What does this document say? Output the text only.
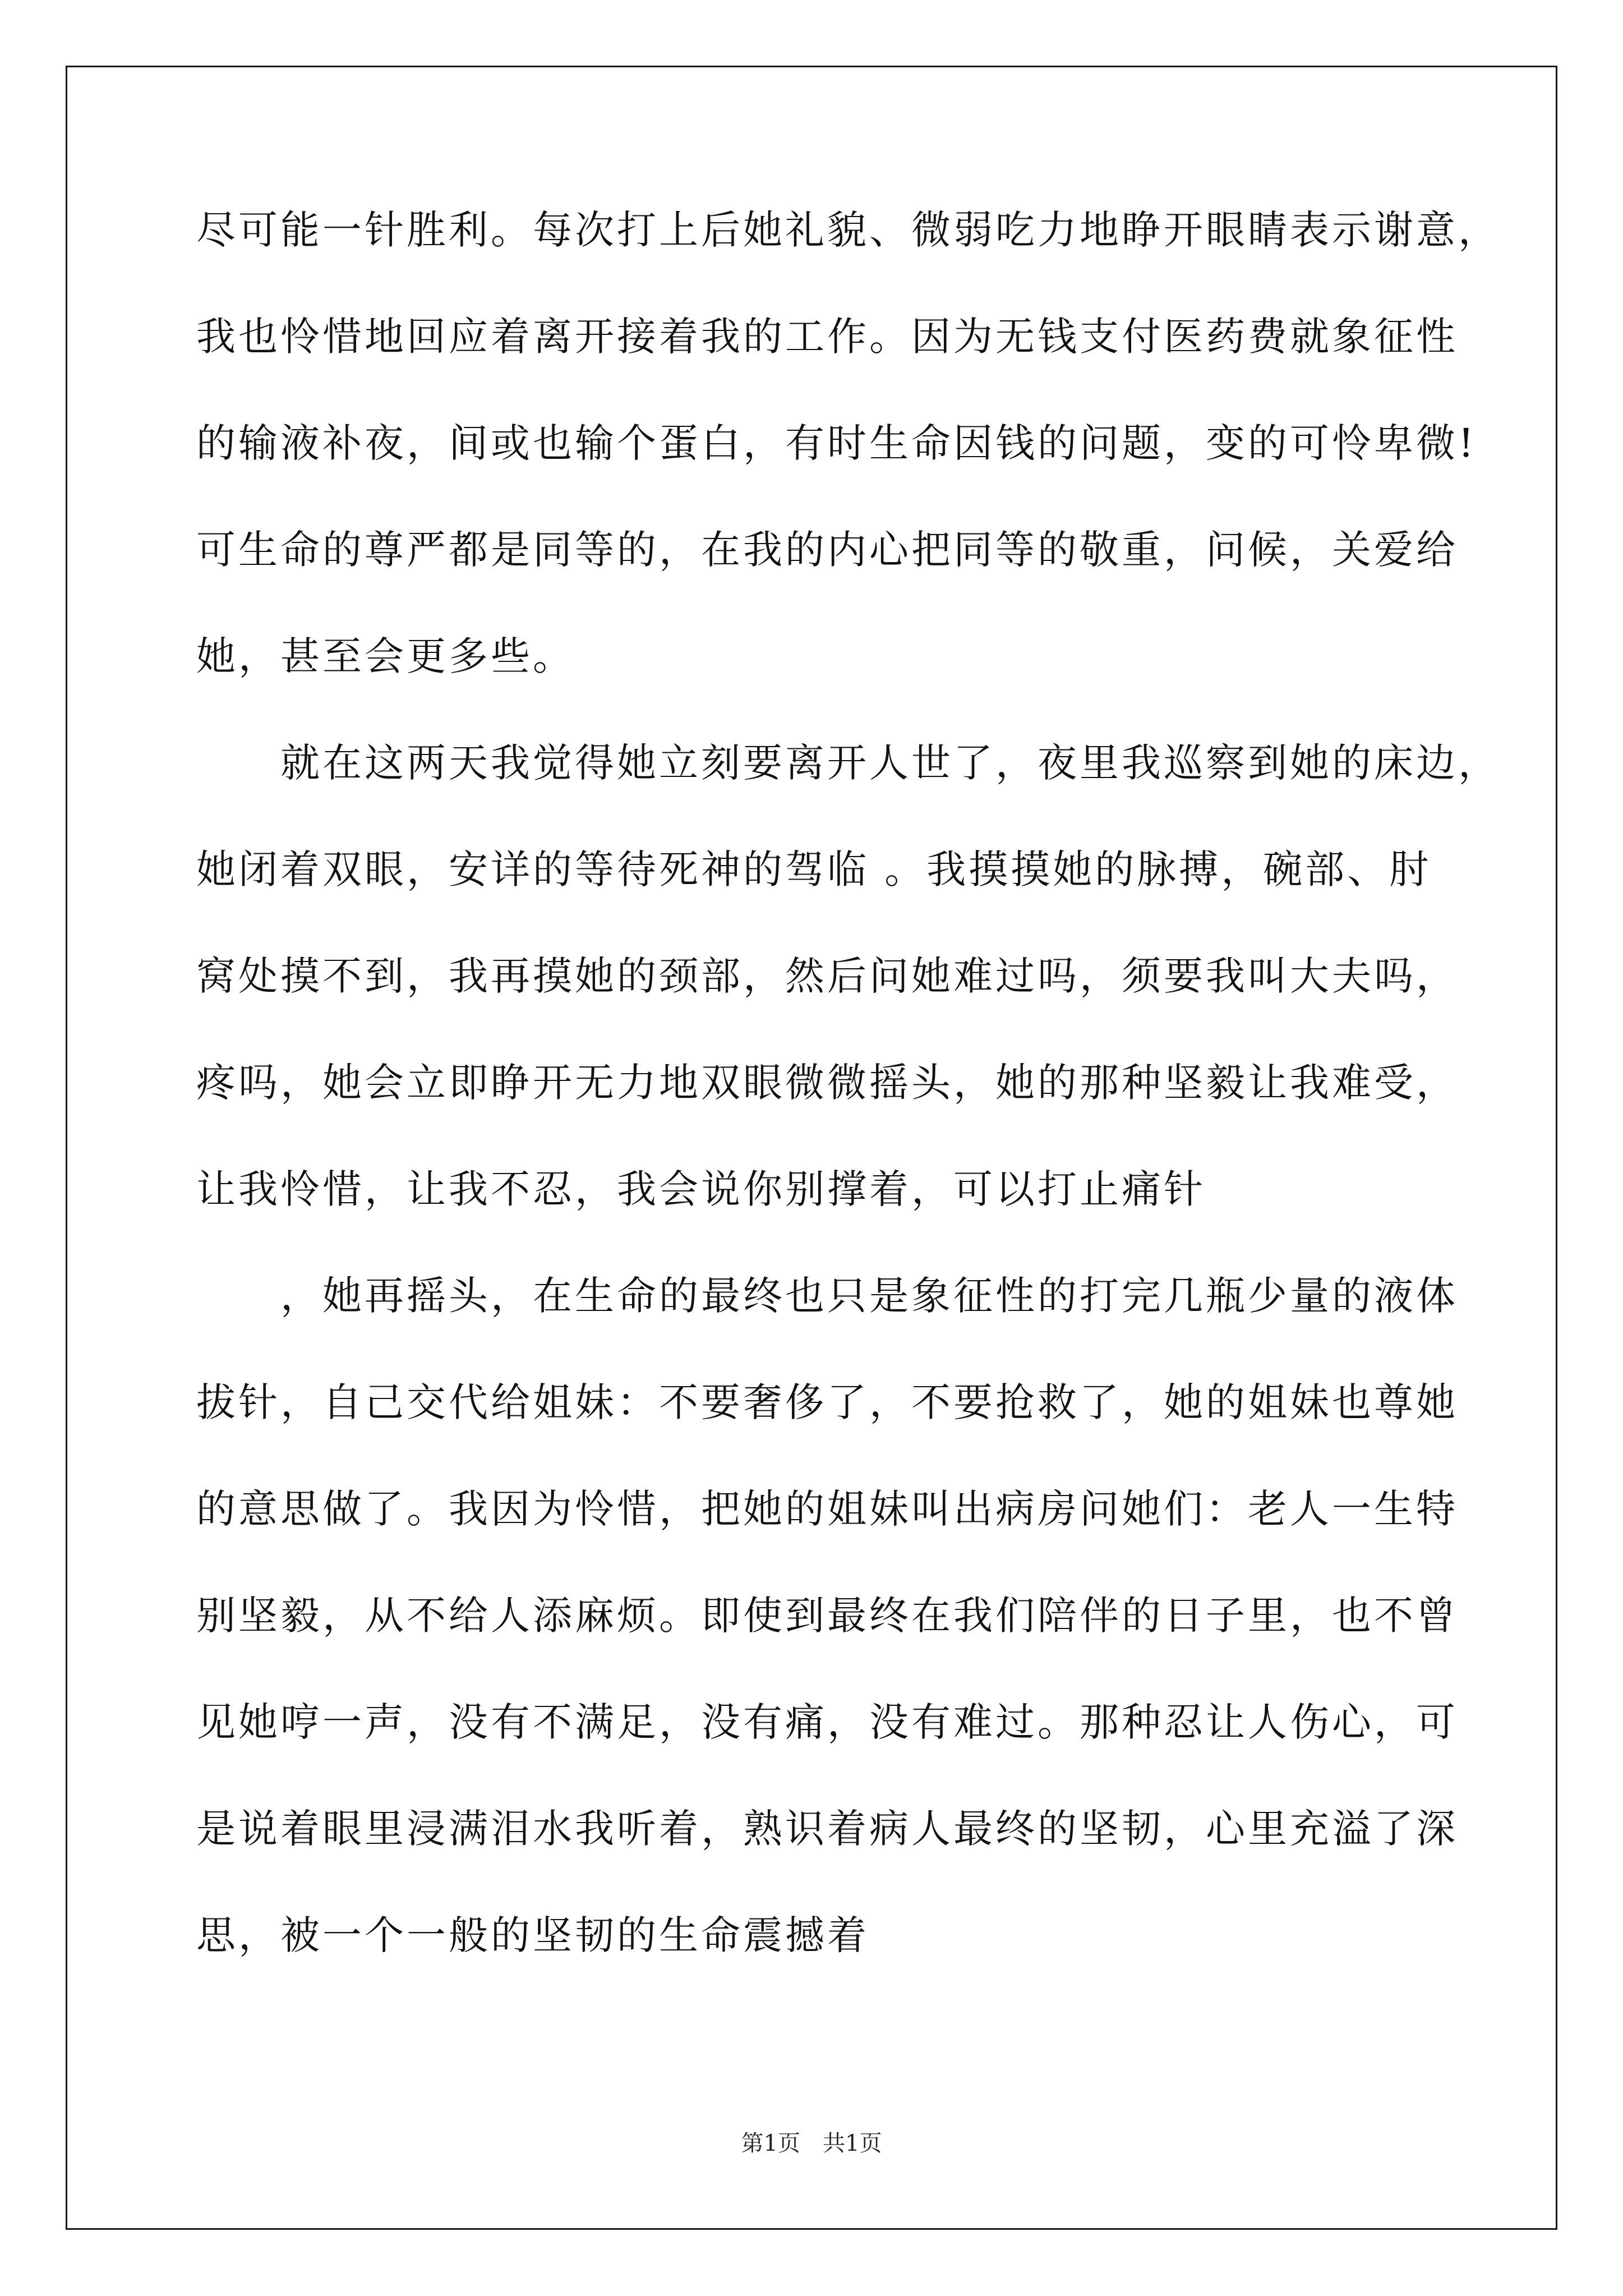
尽可能一针胜利。每次打上后她礼貌、微弱吃力地睁开眼睛表示谢意，
我也怜惜地回应着离开接着我的工作。因为无钱支付医药费就象征性
的输液补夜，间或也输个蛋白，有时生命因钱的问题，变的可怜卑微!
可生命的尊严都是同等的，在我的内心把同等的敬重，问候，关爱给
她，甚至会更多些。
就在这两天我觉得她立刻要离开人世了，夜里我巡察到她的床边，
她闭着双眼，安详的等待死神的驾临 。我摸摸她的脉搏，碗部、肘
窝处摸不到，我再摸她的颈部，然后问她难过吗，须要我叫大夫吗，
疼吗，她会立即睁开无力地双眼微微摇头，她的那种坚毅让我难受，
让我怜惜，让我不忍，我会说你别撑着，可以打止痛针
，她再摇头，在生命的最终也只是象征性的打完几瓶少量的液体
拔针，自己交代给姐妹：不要奢侈了，不要抢救了，她的姐妹也尊她
的意思做了。我因为怜惜，把她的姐妹叫出病房问她们：老人一生特
别坚毅，从不给人添麻烦。即使到最终在我们陪伴的日子里，也不曾
见她哼一声，没有不满足，没有痛，没有难过。那种忍让人伤心，可
是说着眼里浸满泪水我听着，熟识着病人最终的坚韧，心里充溢了深
思，被一个一般的坚韧的生命震撼着
第1页　共1页
